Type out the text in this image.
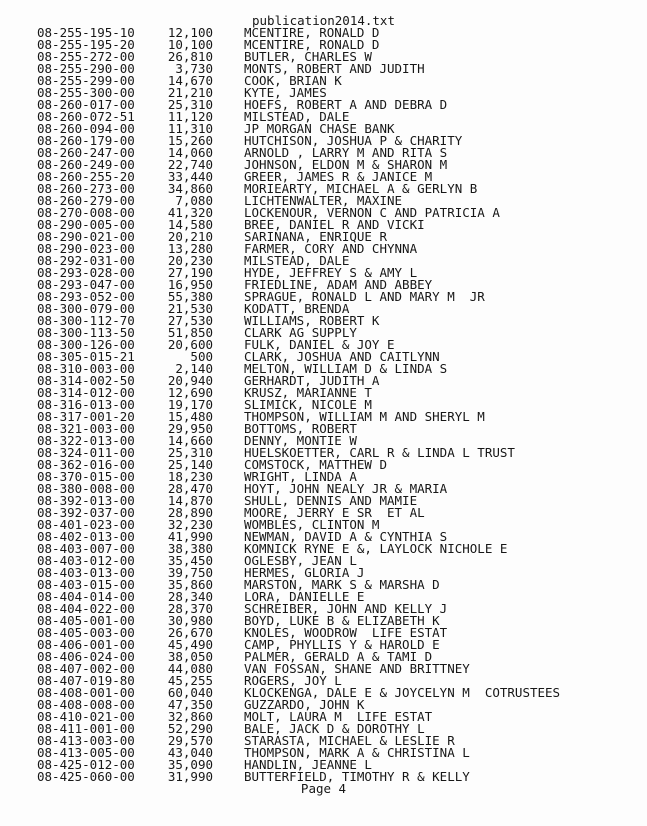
publication2014.txt
08-255-195-10	12,100 MCENTIRE, RONALD D
08-255-195-20	10,100 MCENTIRE, RONALD D
08-255-272-00	26,810 BUTLER, CHARLES W
08-255-290-00	3,730 MONTS, ROBERT AND JUDITH
08-255-299-00	14,670 COOK, BRIAN K
08-255-300-00	21,210 KYTE, JAMES
08-260-017-00	25,310 HOEFS, ROBERT A AND DEBRA D
08-260-072-51	11,120 MILSTEAD, DALE
08-260-094-00	11,310 JP MORGAN CHASE BANK
08-260-179-00	15,260 HUTCHISON, JOSHUA P & CHARITY
08-260-247-00	14,060 ARNOLD , LARRY M AND RITA S
08-260-249-00	22,740 JOHNSON, ELDON M & SHARON M
08-260-255-20	33,440 GREER, JAMES R & JANICE M
08-260-273-00	34,860 MORIEARTY, MICHAEL A & GERLYN B
08-260-279-00	7,080 LICHTENWALTER, MAXINE
08-270-008-00	41,320 LOCKENOUR, VERNON C AND PATRICIA A
08-290-005-00	14,580 BREE, DANIEL R AND VICKI
08-290-021-00	20,210 SARINANA, ENRIQUE R
08-290-023-00	13,280 FARMER, CORY AND CHYNNA
08-292-031-00	20,230 MILSTEAD, DALE
08-293-028-00	27,190 HYDE, JEFFREY S & AMY L
08-293-047-00	16,950 FRIEDLINE, ADAM AND ABBEY
08-293-052-00	55,380 SPRAGUE, RONALD L AND MARY M  JR
08-300-079-00	21,530 KODATT, BRENDA
08-300-112-70	27,530 WILLIAMS, ROBERT K
08-300-113-50	51,850 CLARK AG SUPPLY
08-300-126-00	20,600 FULK, DANIEL & JOY E
08-305-015-21	500 CLARK, JOSHUA AND CAITLYNN
08-310-003-00	2,140 MELTON, WILLIAM D & LINDA S
08-314-002-50	20,940 GERHARDT, JUDITH A
08-314-012-00	12,690 KRUSZ, MARIANNE T
08-316-013-00	19,170 SLIMICK, NICOLE M
08-317-001-20	15,480 THOMPSON, WILLIAM M AND SHERYL M
08-321-003-00	29,950 BOTTOMS, ROBERT
08-322-013-00	14,660 DENNY, MONTIE W
08-324-011-00	25,310 HUELSKOETTER, CARL R & LINDA L TRUST
08-362-016-00	25,140 COMSTOCK, MATTHEW D
08-370-015-00	18,230 WRIGHT, LINDA A
08-380-008-00	28,470 HOYT, JOHN NEALY JR & MARIA
08-392-013-00	14,870 SHULL, DENNIS AND MAMIE
08-392-037-00	28,890 MOORE, JERRY E SR  ET AL
08-401-023-00	32,230 WOMBLES, CLINTON M
08-402-013-00	41,990 NEWMAN, DAVID A & CYNTHIA S
08-403-007-00	38,380 KOMNICK RYNE E &, LAYLOCK NICHOLE E
08-403-012-00	35,450 OGLESBY, JEAN L
08-403-013-00	39,750 HERMES, GLORIA J
08-403-015-00	35,860 MARSTON, MARK S & MARSHA D
08-404-014-00	28,340 LORA, DANIELLE E
08-404-022-00	28,370 SCHREIBER, JOHN AND KELLY J
08-405-001-00	30,980 BOYD, LUKE B & ELIZABETH K
08-405-003-00	26,670 KNOLES, WOODROW  LIFE ESTAT
08-406-001-00	45,490 CAMP, PHYLLIS Y & HAROLD E
08-406-024-00	38,050 PALMER, GERALD A & TAMI D
08-407-002-00	44,080 VAN FOSSAN, SHANE AND BRITTNEY
08-407-019-80	45,255 ROGERS, JOY L
08-408-001-00	60,040 KLOCKENGA, DALE E & JOYCELYN M  COTRUSTEES
08-408-008-00	47,350 GUZZARDO, JOHN K
08-410-021-00	32,860 MOLT, LAURA M  LIFE ESTAT
08-411-001-00	52,290 BALE, JACK D & DOROTHY L
08-413-003-00	29,570 STARASTA, MICHAEL & LESLIE R
08-413-005-00	43,040 THOMPSON, MARK A & CHRISTINA L
08-425-012-00	35,090 HANDLIN, JEANNE L
08-425-060-00	31,990 BUTTERFIELD, TIMOTHY R & KELLY
Page 4
